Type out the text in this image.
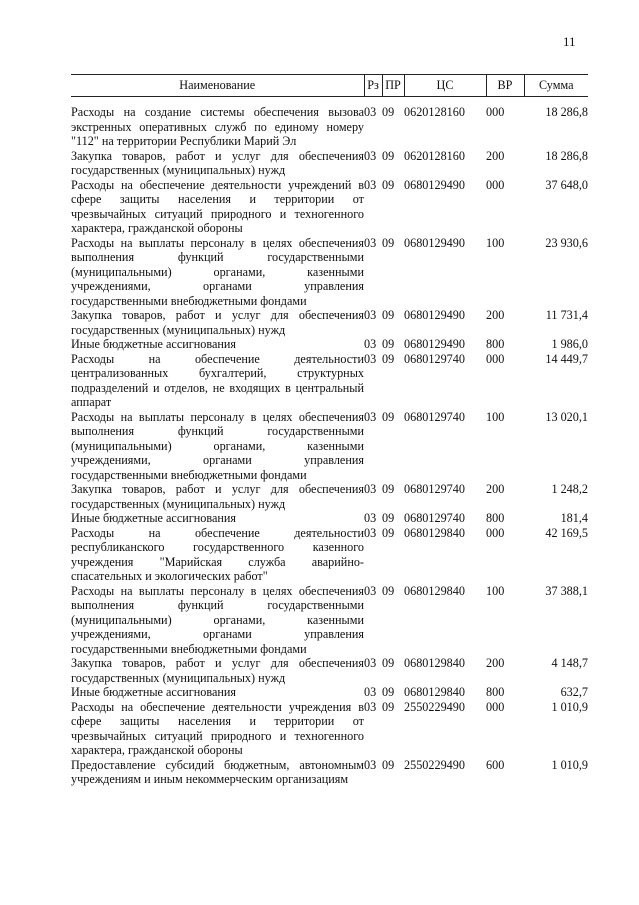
11
Наименование	Рз	ПР	ЦС	ВР	Сумма
Расходы на создание системы обеспечения вызова экстренных оперативных служб по единому номеру "112" на территории Республики Марий Эл	03	09	0620128160	000	18 286,8
Закупка товаров, работ и услуг для обеспечения государственных (муниципальных) нужд	03	09	0620128160	200	18 286,8
Расходы на обеспечение деятельности учреждений в сфере защиты населения и территории от чрезвычайных ситуаций природного и техногенного характера, гражданской обороны	03	09	0680129490	000	37 648,0
Расходы на выплаты персоналу в целях обеспечения выполнения функций государственными (муниципальными) органами, казенными учреждениями, органами управления государственными внебюджетными фондами	03	09	0680129490	100	23 930,6
Закупка товаров, работ и услуг для обеспечения государственных (муниципальных) нужд	03	09	0680129490	200	11 731,4
Иные бюджетные ассигнования	03	09	0680129490	800	1 986,0
Расходы на обеспечение деятельности централизованных бухгалтерий, структурных подразделений и отделов, не входящих в центральный аппарат	03	09	0680129740	000	14 449,7
Расходы на выплаты персоналу в целях обеспечения выполнения функций государственными (муниципальными) органами, казенными учреждениями, органами управления государственными внебюджетными фондами	03	09	0680129740	100	13 020,1
Закупка товаров, работ и услуг для обеспечения государственных (муниципальных) нужд	03	09	0680129740	200	1 248,2
Иные бюджетные ассигнования	03	09	0680129740	800	181,4
Расходы на обеспечение деятельности республиканского государственного казенного учреждения "Марийская служба аварийно-спасательных и экологических работ"	03	09	0680129840	000	42 169,5
Расходы на выплаты персоналу в целях обеспечения выполнения функций государственными (муниципальными) органами, казенными учреждениями, органами управления государственными внебюджетными фондами	03	09	0680129840	100	37 388,1
Закупка товаров, работ и услуг для обеспечения государственных (муниципальных) нужд	03	09	0680129840	200	4 148,7
Иные бюджетные ассигнования	03	09	0680129840	800	632,7
Расходы на обеспечение деятельности учреждения в сфере защиты населения и территории от чрезвычайных ситуаций природного и техногенного характера, гражданской обороны	03	09	2550229490	000	1 010,9
Предоставление субсидий бюджетным, автономным учреждениям и иным некоммерческим организациям	03	09	2550229490	600	1 010,9
